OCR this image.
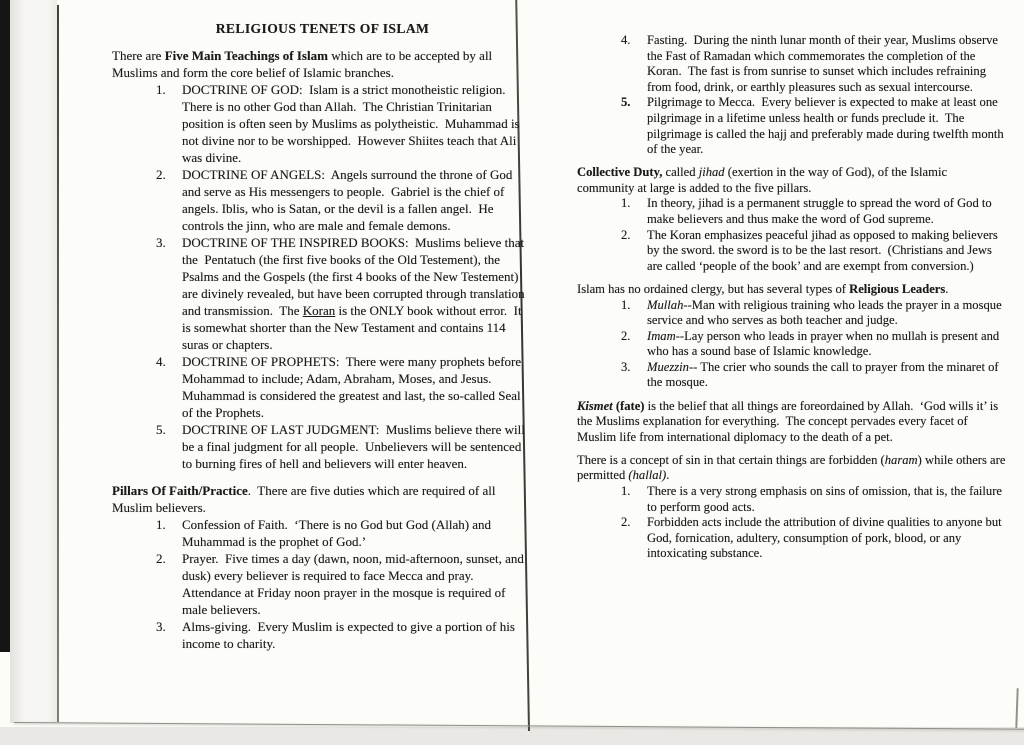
RELIGIOUS TENETS OF ISLAM

There are Five Main Teachings of Islam which are to be accepted by all Muslims and form the core belief of Islamic branches.

1.	DOCTRINE OF GOD:  Islam is a strict monotheistic religion.  There is no other God than Allah.  The Christian Trinitarian position is often seen by Muslims as polytheistic.  Muhammad is not divine nor to be worshipped.  However Shiites teach that Ali was divine.
2.	DOCTRINE OF ANGELS:  Angels surround the throne of God and serve as His messengers to people.  Gabriel is the chief of angels. Iblis, who is Satan, or the devil is a fallen angel.  He controls the jinn, who are male and female demons.
3.	DOCTRINE OF THE INSPIRED BOOKS:  Muslims believe that the  Pentatuch (the first five books of the Old Testement), the Psalms and the Gospels (the first 4 books of the New Testement) are divinely revealed, but have been corrupted through translation and transmission.  The Koran is the ONLY book without error.  It is somewhat shorter than the New Testament and contains 114 suras or chapters.
4.	DOCTRINE OF PROPHETS:  There were many prophets before Mohammad to include; Adam, Abraham, Moses, and Jesus. Muhammad is considered the greatest and last, the so-called Seal of the Prophets.
5.	DOCTRINE OF LAST JUDGMENT:  Muslims believe there will be a final judgment for all people.  Unbelievers will be sentenced to burning fires of hell and believers will enter heaven.

Pillars Of Faith/Practice.  There are five duties which are required of all Muslim believers.

1.	Confession of Faith.  ‘There is no God but God (Allah) and Muhammad is the prophet of God.’
2.	Prayer.  Five times a day (dawn, noon, mid-afternoon, sunset, and dusk) every believer is required to face Mecca and pray.  Attendance at Friday noon prayer in the mosque is required of male believers.
3.	Alms-giving.  Every Muslim is expected to give a portion of his income to charity.
4.	Fasting.  During the ninth lunar month of their year, Muslims observe the Fast of Ramadan which commemorates the completion of the Koran.  The fast is from sunrise to sunset which includes refraining from food, drink, or earthly pleasures such as sexual intercourse.
5.	Pilgrimage to Mecca.  Every believer is expected to make at least one pilgrimage in a lifetime unless health or funds preclude it.  The pilgrimage is called the hajj and preferably made during twelfth month of the year.

Collective Duty, called jihad (exertion in the way of God), of the Islamic community at large is added to the five pillars.

1.	In theory, jihad is a permanent struggle to spread the word of God to make believers and thus make the word of God supreme.
2.	The Koran emphasizes peaceful jihad as opposed to making believers by the sword. the sword is to be the last resort.  (Christians and Jews are called ‘people of the book’ and are exempt from conversion.)

Islam has no ordained clergy, but has several types of Religious Leaders.

1.	Mullah--Man with religious training who leads the prayer in a mosque service and who serves as both teacher and judge.
2.	Imam--Lay person who leads in prayer when no mullah is present and who has a sound base of Islamic knowledge.
3.	Muezzin-- The crier who sounds the call to prayer from the minaret of the mosque.

Kismet (fate) is the belief that all things are foreordained by Allah.  ‘God wills it’ is the Muslims explanation for everything.  The concept pervades every facet of Muslim life from international diplomacy to the death of a pet.

There is a concept of sin in that certain things are forbidden (haram) while others are permitted (hallal).

1.	There is a very strong emphasis on sins of omission, that is, the failure to perform good acts.
2.	Forbidden acts include the attribution of divine qualities to anyone but God, fornication, adultery, consumption of pork, blood, or any intoxicating substance.
